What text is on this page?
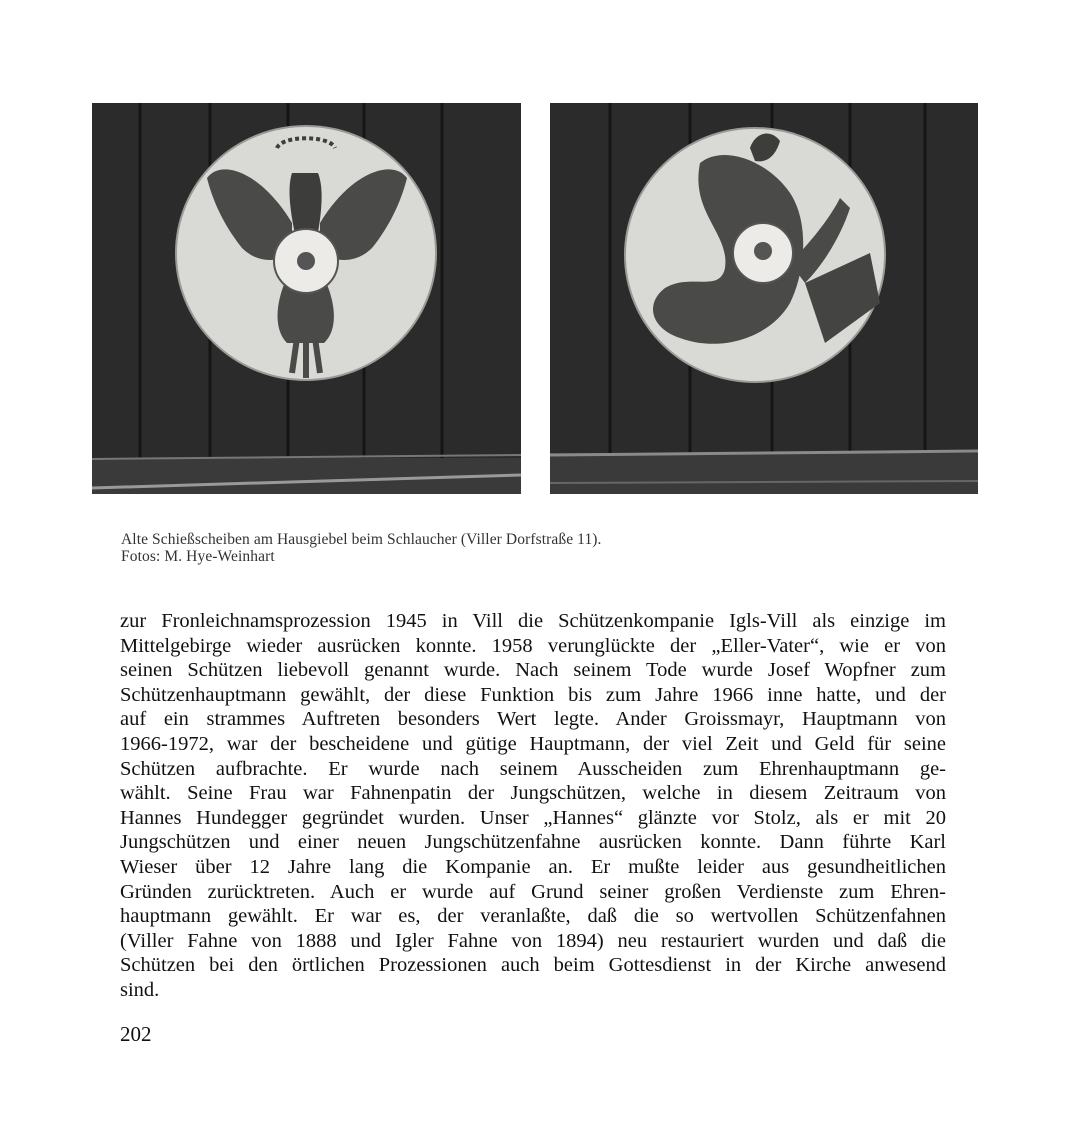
Alte Schießscheiben am Hausgiebel beim Schlaucher (Viller Dorfstraße 11).
Fotos: M. Hye-Weinhart
zur Fronleichnamsprozession 1945 in Vill die Schützenkompanie Igls-Vill als einzige im
Mittelgebirge wieder ausrücken konnte. 1958 verunglückte der „Eller-Vater“, wie er von
seinen Schützen liebevoll genannt wurde. Nach seinem Tode wurde Josef Wopfner zum
Schützenhauptmann gewählt, der diese Funktion bis zum Jahre 1966 inne hatte, und der
auf ein strammes Auftreten besonders Wert legte. Ander Groissmayr, Hauptmann von
1966-1972, war der bescheidene und gütige Hauptmann, der viel Zeit und Geld für seine
Schützen aufbrachte. Er wurde nach seinem Ausscheiden zum Ehrenhauptmann ge-
wählt. Seine Frau war Fahnenpatin der Jungschützen, welche in diesem Zeitraum von
Hannes Hundegger gegründet wurden. Unser „Hannes“ glänzte vor Stolz, als er mit 20
Jungschützen und einer neuen Jungschützenfahne ausrücken konnte. Dann führte Karl
Wieser über 12 Jahre lang die Kompanie an. Er mußte leider aus gesundheitlichen
Gründen zurücktreten. Auch er wurde auf Grund seiner großen Verdienste zum Ehren-
hauptmann gewählt. Er war es, der veranlaßte, daß die so wertvollen Schützenfahnen
(Viller Fahne von 1888 und Igler Fahne von 1894) neu restauriert wurden und daß die
Schützen bei den örtlichen Prozessionen auch beim Gottesdienst in der Kirche anwesend
sind.
202
